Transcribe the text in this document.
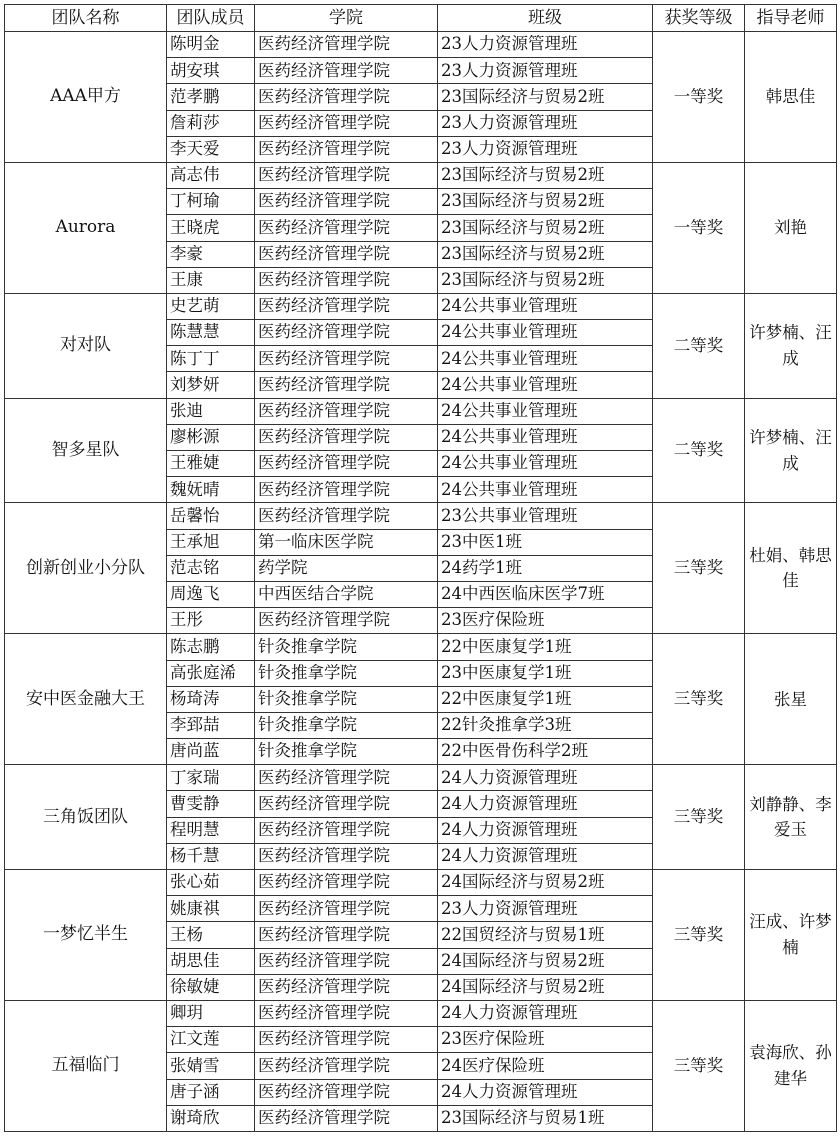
团队名称	团队成员	学院	班级	获奖等级	指导老师
AAA甲方	陈明金	医药经济管理学院	23人力资源管理班	一等奖	韩思佳
	胡安琪	医药经济管理学院	23人力资源管理班		
	范孝鹏	医药经济管理学院	23国际经济与贸易2班		
	詹莉莎	医药经济管理学院	23人力资源管理班		
	李天爱	医药经济管理学院	23人力资源管理班		
Aurora	高志伟	医药经济管理学院	23国际经济与贸易2班	一等奖	刘艳
	丁柯瑜	医药经济管理学院	23国际经济与贸易2班		
	王晓虎	医药经济管理学院	23国际经济与贸易2班		
	李豪	医药经济管理学院	23国际经济与贸易2班		
	王康	医药经济管理学院	23国际经济与贸易2班		
对对队	史艺萌	医药经济管理学院	24公共事业管理班	二等奖	许梦楠、汪成
	陈慧慧	医药经济管理学院	24公共事业管理班		
	陈丁丁	医药经济管理学院	24公共事业管理班		
	刘梦妍	医药经济管理学院	24公共事业管理班		
智多星队	张迪	医药经济管理学院	24公共事业管理班	二等奖	许梦楠、汪成
	廖彬源	医药经济管理学院	24公共事业管理班		
	王雅婕	医药经济管理学院	24公共事业管理班		
	魏妩晴	医药经济管理学院	24公共事业管理班		
创新创业小分队	岳馨怡	医药经济管理学院	23公共事业管理班	三等奖	杜娟、韩思佳
	王承旭	第一临床医学院	23中医1班		
	范志铭	药学院	24药学1班		
	周逸飞	中西医结合学院	24中西医临床医学7班		
	王彤	医药经济管理学院	23医疗保险班		
安中医金融大王	陈志鹏	针灸推拿学院	22中医康复学1班	三等奖	张星
	高张庭浠	针灸推拿学院	23中医康复学1班		
	杨琦涛	针灸推拿学院	22中医康复学1班		
	李郅喆	针灸推拿学院	22针灸推拿学3班		
	唐尚蓝	针灸推拿学院	22中医骨伤科学2班		
三角饭团队	丁家瑞	医药经济管理学院	24人力资源管理班	三等奖	刘静静、李爱玉
	曹雯静	医药经济管理学院	24人力资源管理班		
	程明慧	医药经济管理学院	24人力资源管理班		
	杨千慧	医药经济管理学院	24人力资源管理班		
一梦忆半生	张心茹	医药经济管理学院	24国际经济与贸易2班	三等奖	汪成、许梦楠
	姚康祺	医药经济管理学院	23人力资源管理班		
	王杨	医药经济管理学院	22国贸经济与贸易1班		
	胡思佳	医药经济管理学院	24国际经济与贸易2班		
	徐敏婕	医药经济管理学院	24国际经济与贸易2班		
五福临门	卿玥	医药经济管理学院	24人力资源管理班	三等奖	袁海欣、孙建华
	江文莲	医药经济管理学院	23医疗保险班		
	张婧雪	医药经济管理学院	24医疗保险班		
	唐子涵	医药经济管理学院	24人力资源管理班		
	谢琦欣	医药经济管理学院	23国际经济与贸易1班		
